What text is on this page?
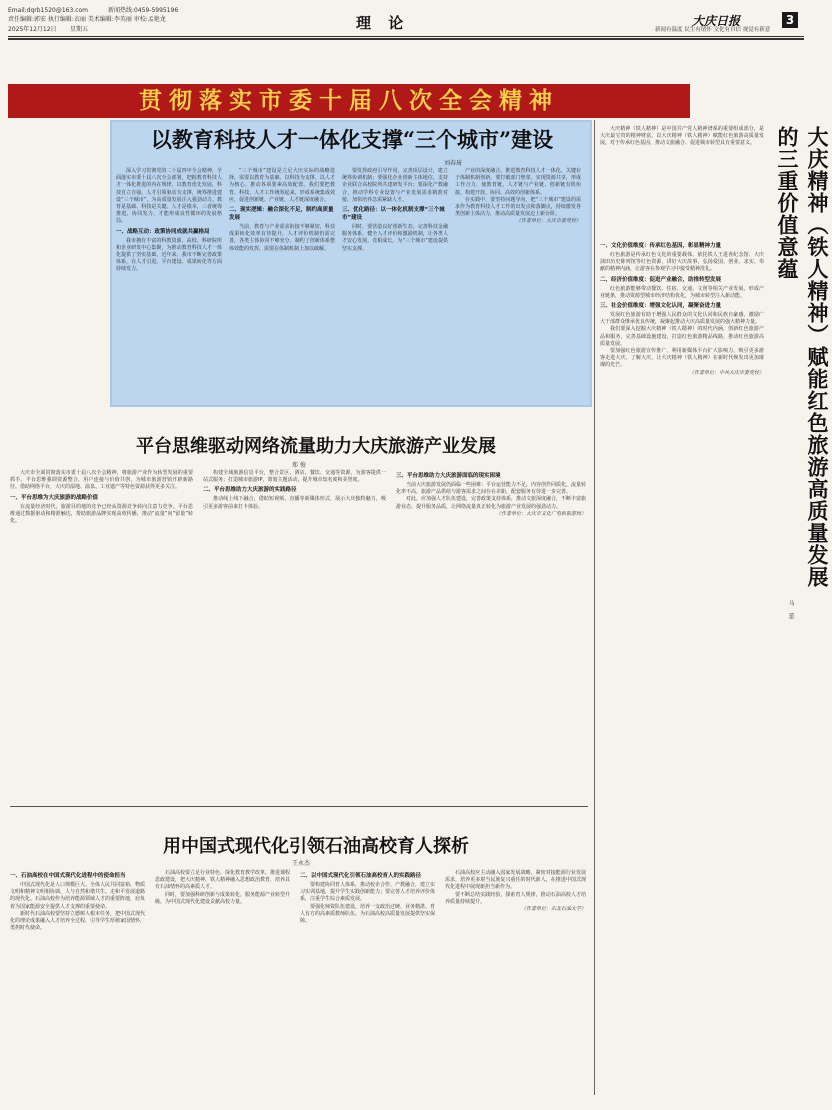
Email:dqrb1520@163.com	新闻热线:0459-5995196
责任编辑:郭宏 执行编辑:衣丽 美术编辑:李英丽 审校:孟艳龙
2025年12月12日 星期五	理 论	大庆日报	3
新闻有温度 民生有情怀 文化有自信 视觉有新意
贯彻落实市委十届八次全会精神
以教育科技人才一体化支撑“三个城市”建设
刘春琦

深入学习贯彻党的二十届四中全会精神，全面落实市委十届八次全会部署，把握教育科技人才一体化推进的内在规律，以教育优先发展、科技自立自强、人才引领驱动为支撑，统筹推进建设“三个城市”，为高质量发展注入强劲动力。教育是基础、科技是关键、人才是根本，三者统筹推进、协同发力，才能形成良性循环的发展格局。

一、战略互动：政策协同成就共赢格局

我市拥有丰富的科教资源，高校、科研院所和企业研发中心集聚，为推动教育科技人才一体化提供了坚实基础。近年来，我市不断完善政策体系，在人才引进、平台建设、成果转化等方面持续发力。

“三个城市”建设是立足大庆实际的战略选择，需要以教育为基础、以科技为支撑、以人才为核心，推动各项要素高效配置。我们要把教育、科技、人才工作统筹起来，形成系统集成效应，促进创新链、产业链、人才链深度融合。

二、现实逻辑：融合深化不足，制约高质量发展

当前，教育与产业需求衔接不够紧密，科技成果转化效率有待提升，人才评价机制仍需完善，各类主体协同不够充分，制约了创新体系整体效能的发挥，需要在体制机制上加以破解。

要发挥政府引导作用，完善顶层设计，建立统筹协调机制；要强化企业创新主体地位，支持企业联合高校院所共建研发平台；要深化产教融合，推动学科专业设置与产业发展需求精准对接，加快培养急需紧缺人才。

三、优化路径：以一体化机制支撑“三个城市”建设

同时，要营造良好创新生态，完善科技金融服务体系，健全人才评价和激励机制，让各类人才安心发展、竞相成长，为“三个城市”建设提供坚实支撑。

产业的深度融合。推进教育科技人才一体化，关键在于体制机制创新，要打破部门壁垒，实现资源共享，形成工作合力，使教育链、人才链与产业链、创新链有机衔接，构建开放、协同、高效的创新体系。

在实践中，要坚持问题导向，把“三个城市”建设的需求作为教育科技人才工作的出发点和落脚点，持续激发各类创新主体活力，推动高质量发展迈上新台阶。

（作者单位：大庆市委党校）
平台思维驱动网络流量助力大庆旅游产业发展
郑 俊

大庆市全面贯彻落实市委十届八次全会精神，将旅游产业作为转型发展的重要抓手。平台思维强调资源整合、用户连接与价值共创，为城市旅游营销开辟新路径。借助网络平台，大庆的湿地、温泉、工业遗产等特色资源获得更多关注。

一、平台思维为大庆旅游的战略价值

在流量经济时代，旅游目的地的竞争已经从资源竞争转向注意力竞争。平台思维通过数据驱动和精准触达，帮助旅游品牌实现高效传播，推动“流量”向“留量”转化。

构建全域旅游信息平台，整合景区、酒店、餐饮、交通等资源，为游客提供一站式服务；打造城市旅游IP，策划主题活动，提升城市知名度和美誉度。

二、平台思维助力大庆旅游的实践路径

推动线上线下融合，借助短视频、直播等新媒体形式，展示大庆独特魅力，吸引更多游客前来打卡体验。

三、平台思维助力大庆旅游面临的现实困境

当前大庆旅游发展仍面临一些困难：平台运营能力不足，内容创作同质化，流量转化率不高，旅游产品供给与游客需求之间存在差距，配套服务有待进一步完善。

对此，应加强人才队伍建设，完善政策支持体系，推动文旅深度融合，不断丰富旅游业态，提升服务品质，让网络流量真正转化为旅游产业发展的强劲动力。

（作者单位：大庆市文化广电和旅游局）
用中国式现代化引领石油高校育人探析
王永杰
一、石油高校在中国式现代化进程中的使命担当

中国式现代化是人口规模巨大、全体人民共同富裕、物质文明和精神文明相协调、人与自然和谐共生、走和平发展道路的现代化。石油高校作为培养能源领域人才的重要阵地，肩负着为国家能源安全提供人才支撑的重要使命。

新时代石油高校要坚持立德树人根本任务，把中国式现代化的理论成果融入人才培养全过程，引导学生厚植家国情怀，勇担时代使命。

石油高校要立足行业特色，深化教育教学改革，推进课程思政建设，把大庆精神、铁人精神融入思想政治教育，培养具有石油情怀的高素质人才。

同时，要加强科研创新与成果转化，服务能源产业转型升级，为中国式现代化建设贡献高校力量。

二、以中国式现代化引领石油高校育人的实践路径

要构建协同育人体系，推动校企合作、产教融合，建立实习实训基地，提升学生实践创新能力；要完善人才培养评价体系，注重学生综合素质发展。

要强化师资队伍建设，培养一支政治过硬、业务精湛、育人有方的高素质教师队伍，为石油高校高质量发展提供坚实保障。

石油高校应主动融入国家发展战略，紧密对接能源行业发展需求，培养更多堪当民族复兴重任的时代新人，在推进中国式现代化进程中展现新担当新作为。

要不断总结实践经验，探索育人规律，推动石油高校人才培养质量持续提升。

（作者单位：东北石油大学）
大庆精神（铁人精神）赋能红色旅游高质量发展的三重价值意蕴
马 蕾

大庆精神（铁人精神）是中国共产党人精神谱系的重要组成部分，是大庆最宝贵的精神财富。以大庆精神（铁人精神）赋能红色旅游高质量发展，对于传承红色基因、推动文旅融合、促进城市转型具有重要意义。

一、文化价值维度：传承红色基因，彰显精神力量

红色旅游是传承红色文化的重要载体。依托铁人王进喜纪念馆、大庆油田历史陈列馆等红色资源，讲好大庆故事，弘扬爱国、创业、求实、奉献的精神内涵，让游客在参观学习中接受精神洗礼。

二、经济价值维度：促进产业融合，助推转型发展

红色旅游能够带动餐饮、住宿、交通、文创等相关产业发展，形成产业链条，推动资源型城市经济结构优化，为城市转型注入新动能。

三、社会价值维度：增强文化认同，凝聚奋进力量

发展红色旅游有助于增强人民群众的文化认同和民族自豪感，激励广大干部群众继承优良传统，凝聚起推动大庆高质量发展的强大精神力量。

我们要深入挖掘大庆精神（铁人精神）的时代内涵，创新红色旅游产品和服务，完善基础设施建设，打造红色旅游精品线路，推动红色旅游高质量发展。

要加强红色旅游宣传推广，利用新媒体平台扩大影响力，吸引更多游客走进大庆、了解大庆，让大庆精神（铁人精神）在新时代焕发出更加璀璨的光芒。

（作者单位：中共大庆市委党校）
